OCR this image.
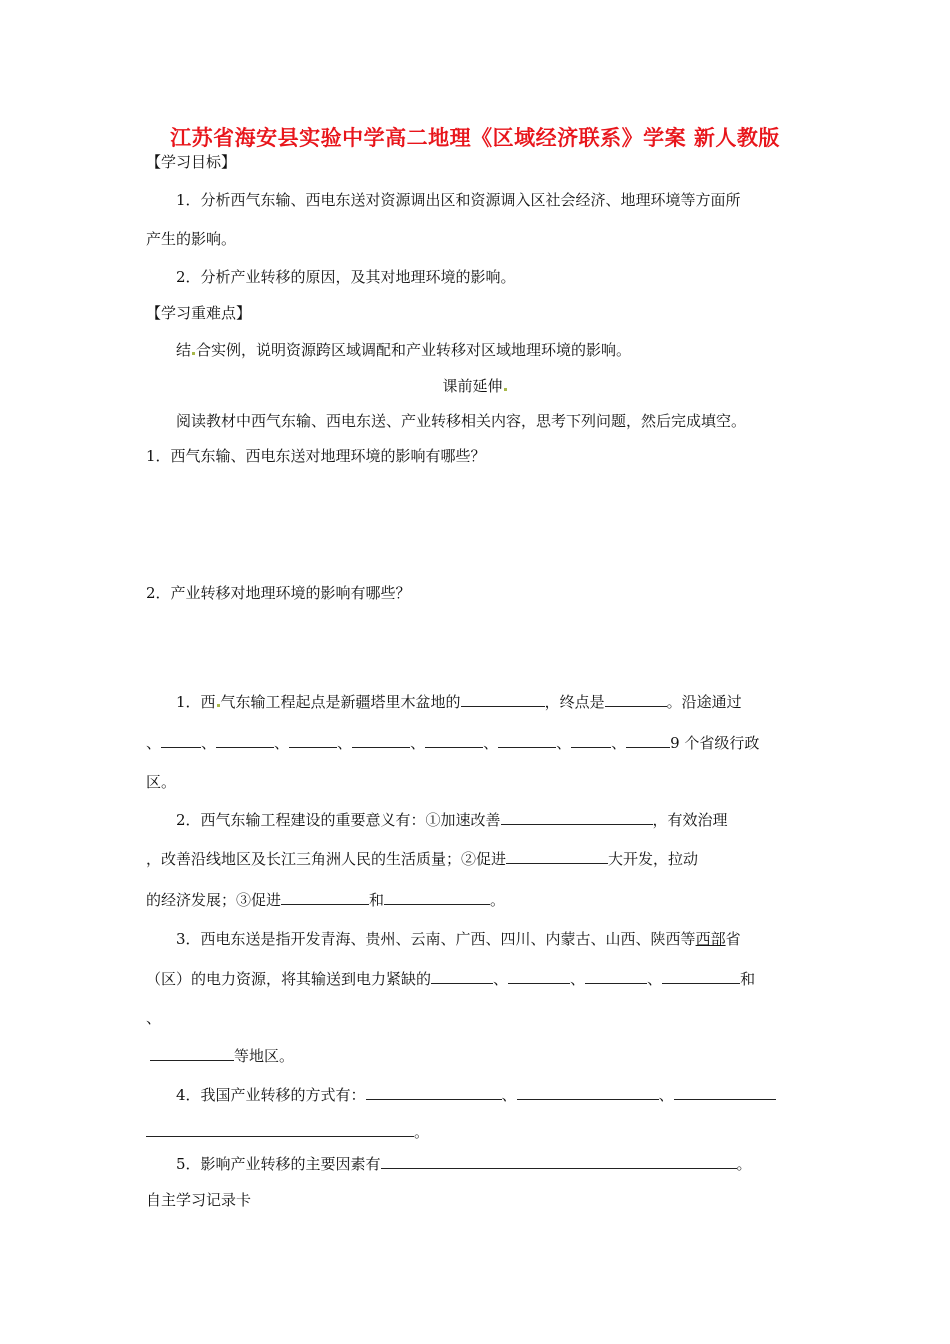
江苏省海安县实验中学高二地理《区域经济联系》学案 新人教版
【学习目标】
1．分析西气东输、西电东送对资源调出区和资源调入区社会经济、地理环境等方面所
产生的影响。
2．分析产业转移的原因，及其对地理环境的影响。
【学习重难点】
结 合实例，说明资源跨区域调配和产业转移对区域地理环境的影响。
课前延伸
阅读教材中西气东输、西电东送、产业转移相关内容，思考下列问题，然后完成填空。
1．西气东输、西电东送对地理环境的影响有哪些？
2．产业转移对地理环境的影响有哪些？
1．西 气东输工程起点是新疆塔里木盆地的	，终点是	。沿途通过
、	、	、	、	、	、	、	、	9 个省级行政
区。
2．西气东输工程建设的重要意义有：①加速改善	，有效治理
，改善沿线地区及长江三角洲人民的生活质量；②促进	大开发，拉动
的经济发展；③促进	和	。
3．西电东送是指开发青海、贵州、云南、广西、四川、内蒙古、山西、陕西等西部省
（区）的电力资源，将其输送到电力紧缺的	、	、	、	和
、
等地区。
4．我国产业转移的方式有：	、	、
。
5．影响产业转移的主要因素有	。
自主学习记录卡
